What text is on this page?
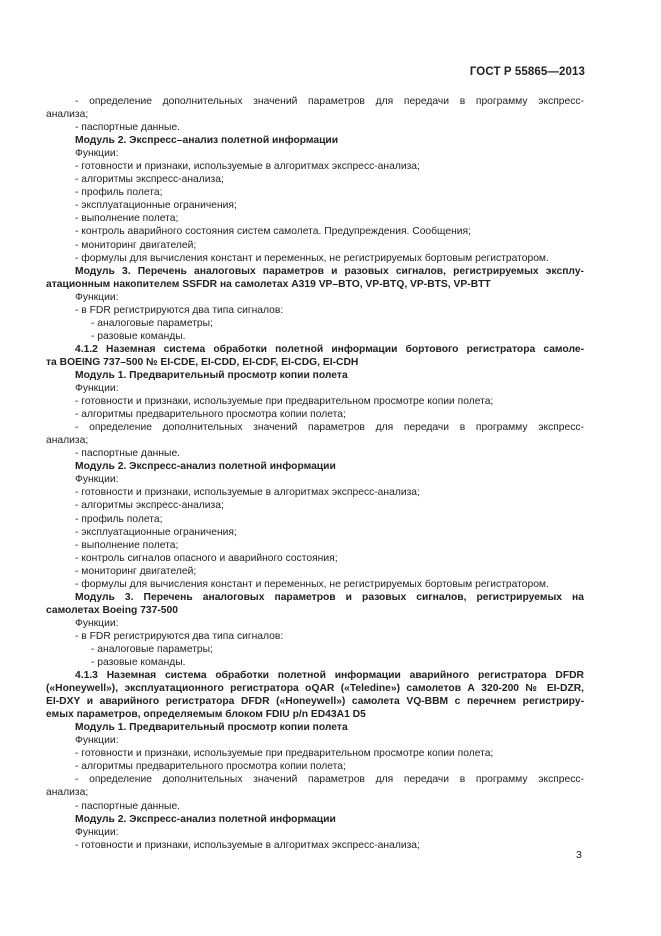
ГОСТ Р 55865—2013
- определение дополнительных значений параметров для передачи в программу экспресс-
анализа;
- паспортные данные.
Модуль 2. Экспресс–анализ полетной информации
Функции:
- готовности и признаки, используемые в алгоритмах экспресс-анализа;
- алгоритмы экспресс-анализа;
- профиль полета;
- эксплуатационные ограничения;
- выполнение полета;
- контроль аварийного состояния систем самолета. Предупреждения. Сообщения;
- мониторинг двигателей;
- формулы для вычисления констант и переменных, не регистрируемых бортовым регистратором.
Модуль 3. Перечень аналоговых параметров и разовых сигналов, регистрируемых эксплу-
атационным накопителем SSFDR на самолетах А319 VP–BTO, VP-BTQ, VP-BTS, VP-BTT
Функции:
- в FDR регистрируются два типа сигналов:
- аналоговые параметры;
- разовые команды.
4.1.2 Наземная система обработки полетной информации бортового регистратора самоле-
та BOEING 737–500 № EI-CDE, EI-CDD, EI-CDF, EI-CDG, EI-CDH
Модуль 1. Предварительный просмотр копии полета
Функции:
- готовности и признаки, используемые при предварительном просмотре копии полета;
- алгоритмы предварительного просмотра копии полета;
- определение дополнительных значений параметров для передачи в программу экспресс-
анализа;
- паспортные данные.
Модуль 2. Экспресс-анализ полетной информации
Функции:
- готовности и признаки, используемые в алгоритмах экспресс-анализа;
- алгоритмы экспресс-анализа;
- профиль полета;
- эксплуатационные ограничения;
- выполнение полета;
- контроль сигналов опасного и аварийного состояния;
- мониторинг двигателей;
- формулы для вычисления констант и переменных, не регистрируемых бортовым регистратором.
Модуль 3. Перечень аналоговых параметров и разовых сигналов, регистрируемых на
самолетах Boeing 737-500
Функции:
- в FDR регистрируются два типа сигналов:
- аналоговые параметры;
- разовые команды.
4.1.3 Наземная система обработки полетной информации аварийного регистратора DFDR
(«Honeywell»), эксплуатационного регистратора oQAR («Teledine») самолетов А 320-200 № EI-DZR,
EI-DXY и аварийного регистратора DFDR («Honeywell») самолета VQ-BBM с перечнем регистриру-
емых параметров, определяемым блоком FDIU p/n ED43A1 D5
Модуль 1. Предварительный просмотр копии полета
Функции:
- готовности и признаки, используемые при предварительном просмотре копии полета;
- алгоритмы предварительного просмотра копии полета;
- определение дополнительных значений параметров для передачи в программу экспресс-
анализа;
- паспортные данные.
Модуль 2. Экспресс-анализ полетной информации
Функции:
- готовности и признаки, используемые в алгоритмах экспресс-анализа;
3
